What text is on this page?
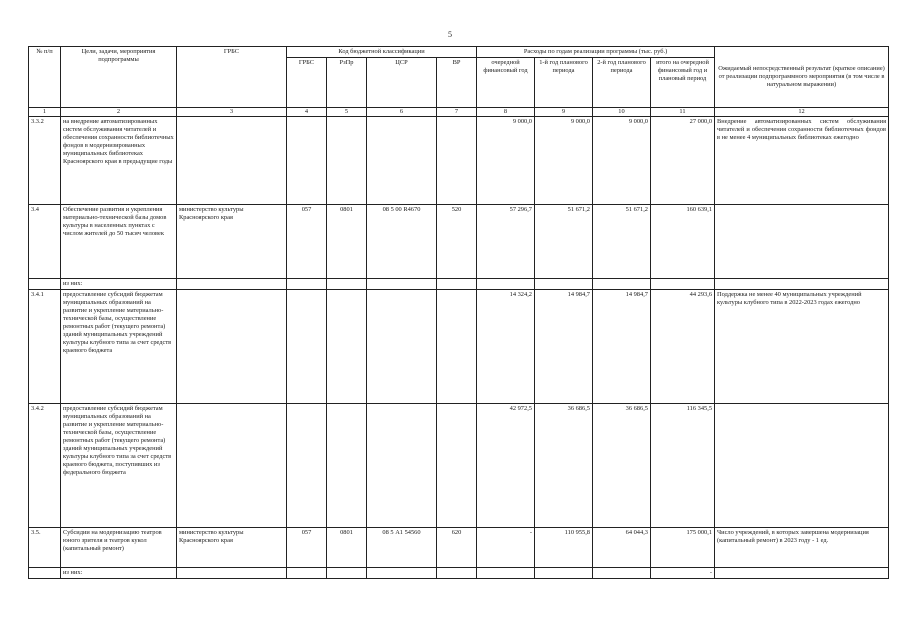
5
№ п/п	Цели, задачи, мероприятия подпрограммы	ГРБС	Код бюджетной классификации				Расходы по годам реализации программы (тыс. руб.)				Ожидаемый непосредственный результат (краткое описание) от реализации подпрограммного мероприятия (в том числе в натуральном выражении)
			ГРБС	РзПр	ЦСР	ВР	очередной финансовый год	1-й год планового периода	2-й год планового периода	итого на очередной финансовый год и плановый период	
1	2	3	4	5	6	7	8	9	10	11	12
3.3.2	на внедрение автоматизированных систем обслуживания читателей и обеспечения сохранности библиотечных фондов в модернизированных муниципальных библиотеках Красноярского края в предыдущие годы						9 000,0	9 000,0	9 000,0	27 000,0	Внедрение автоматизированных систем обслуживания читателей и обеспечения сохранности библиотечных фондов в не менее 4 муниципальных библиотеках ежегодно
3.4	Обеспечение развития и укрепления материально-технической базы домов культуры в населенных пунктах с числом жителей до 50 тысяч человек	министерство культуры Красноярского края	057	0801	08 5 00 R4670	520	57 296,7	51 671,2	51 671,2	160 639,1	
	из них:										
3.4.1	предоставление субсидий бюджетам муниципальных образований на развитие и укрепление материально-технической базы, осуществление ремонтных работ (текущего ремонта) зданий муниципальных учреждений культуры клубного типа за счет средств краевого бюджета						14 324,2	14 984,7	14 984,7	44 293,6	Поддержка не менее 40 муниципальных учреждений культуры клубного типа в 2022-2023 годах ежегодно
3.4.2	предоставление субсидий бюджетам муниципальных образований на развитие и укрепление материально-технической базы, осуществление ремонтных работ (текущего ремонта) зданий муниципальных учреждений культуры клубного типа за счет средств краевого бюджета, поступивших из федерального бюджета						42 972,5	36 686,5	36 686,5	116 345,5	
3.5.	Субсидии на модернизацию театров юного зрителя и театров кукол (капитальный ремонт)	министерство культуры Красноярского края	057	0801	08 5 А1 54560	620	-	110 955,8	64 044,3	175 000,1	Число учреждений, в которых завершена модернизация (капитальный ремонт) в 2023 году - 1 ед.
	из них:									-	
